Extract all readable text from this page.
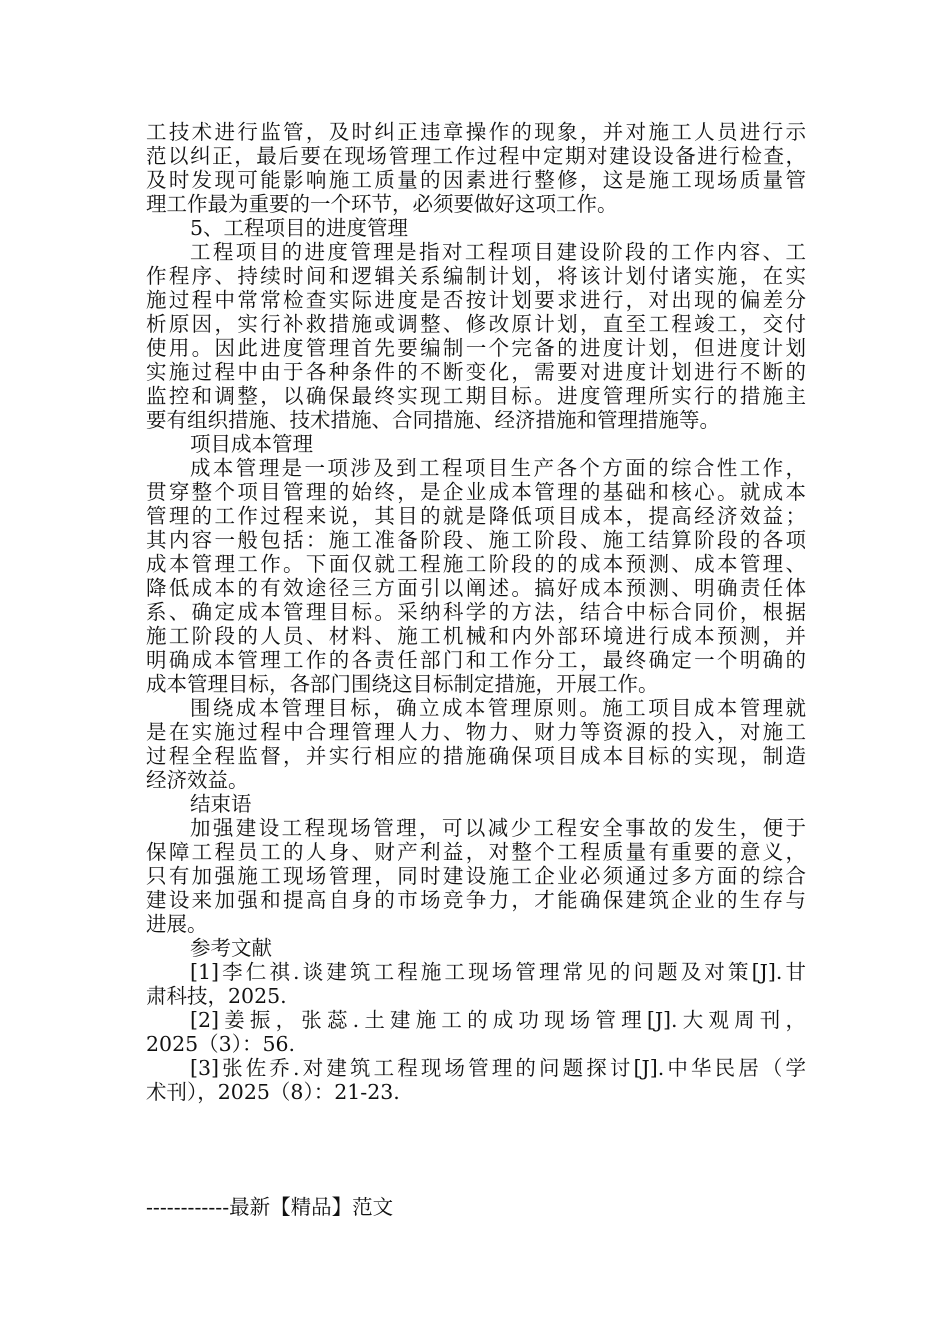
工技术进行监管，及时纠正违章操作的现象，并对施工人员进行示
范以纠正，最后要在现场管理工作过程中定期对建设设备进行检查，
及时发现可能影响施工质量的因素进行整修，这是施工现场质量管
理工作最为重要的一个环节，必须要做好这项工作。
5、工程项目的进度管理
工程项目的进度管理是指对工程项目建设阶段的工作内容、工
作程序、持续时间和逻辑关系编制计划，将该计划付诸实施，在实
施过程中常常检查实际进度是否按计划要求进行，对出现的偏差分
析原因，实行补救措施或调整、修改原计划，直至工程竣工，交付
使用。因此进度管理首先要编制一个完备的进度计划，但进度计划
实施过程中由于各种条件的不断变化，需要对进度计划进行不断的
监控和调整，以确保最终实现工期目标。进度管理所实行的措施主
要有组织措施、技术措施、合同措施、经济措施和管理措施等。
项目成本管理
成本管理是一项涉及到工程项目生产各个方面的综合性工作，
贯穿整个项目管理的始终，是企业成本管理的基础和核心。就成本
管理的工作过程来说，其目的就是降低项目成本，提高经济效益；
其内容一般包括：施工准备阶段、施工阶段、施工结算阶段的各项
成本管理工作。下面仅就工程施工阶段的的成本预测、成本管理、
降低成本的有效途径三方面引以阐述。搞好成本预测、明确责任体
系、确定成本管理目标。采纳科学的方法，结合中标合同价，根据
施工阶段的人员、材料、施工机械和内外部环境进行成本预测，并
明确成本管理工作的各责任部门和工作分工，最终确定一个明确的
成本管理目标，各部门围绕这目标制定措施，开展工作。
围绕成本管理目标，确立成本管理原则。施工项目成本管理就
是在实施过程中合理管理人力、物力、财力等资源的投入，对施工
过程全程监督，并实行相应的措施确保项目成本目标的实现，制造
经济效益。
结束语
加强建设工程现场管理，可以减少工程安全事故的发生，便于
保障工程员工的人身、财产利益，对整个工程质量有重要的意义，
只有加强施工现场管理，同时建设施工企业必须通过多方面的综合
建设来加强和提高自身的市场竞争力，才能确保建筑企业的生存与
进展。
参考文献
[1]李仁祺.谈建筑工程施工现场管理常见的问题及对策[J].甘
肃科技，2025.
[2]姜振，张蕊.土建施工的成功现场管理[J].大观周刊，
2025（3）：56.
[3]张佐乔.对建筑工程现场管理的问题探讨[J].中华民居（学
术刊），2025（8）：21-23.
------------最新【精品】范文
